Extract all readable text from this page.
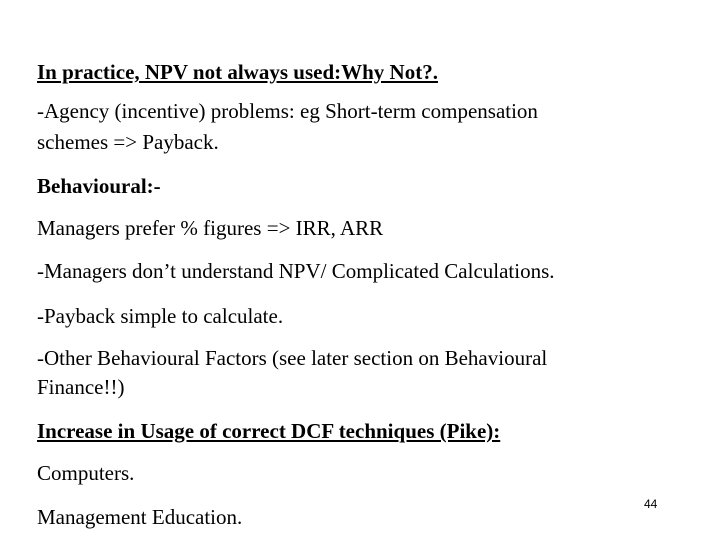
In practice, NPV not always used:Why Not?.

-Agency (incentive) problems: eg Short-term compensation

schemes => Payback.

Behavioural:-

Managers prefer % figures => IRR, ARR

-Managers don’t understand NPV/ Complicated Calculations.

-Payback simple to calculate.

-Other Behavioural Factors (see later section on Behavioural

Finance!!)

Increase in Usage of correct DCF techniques (Pike):

Computers.

Management Education.

44
